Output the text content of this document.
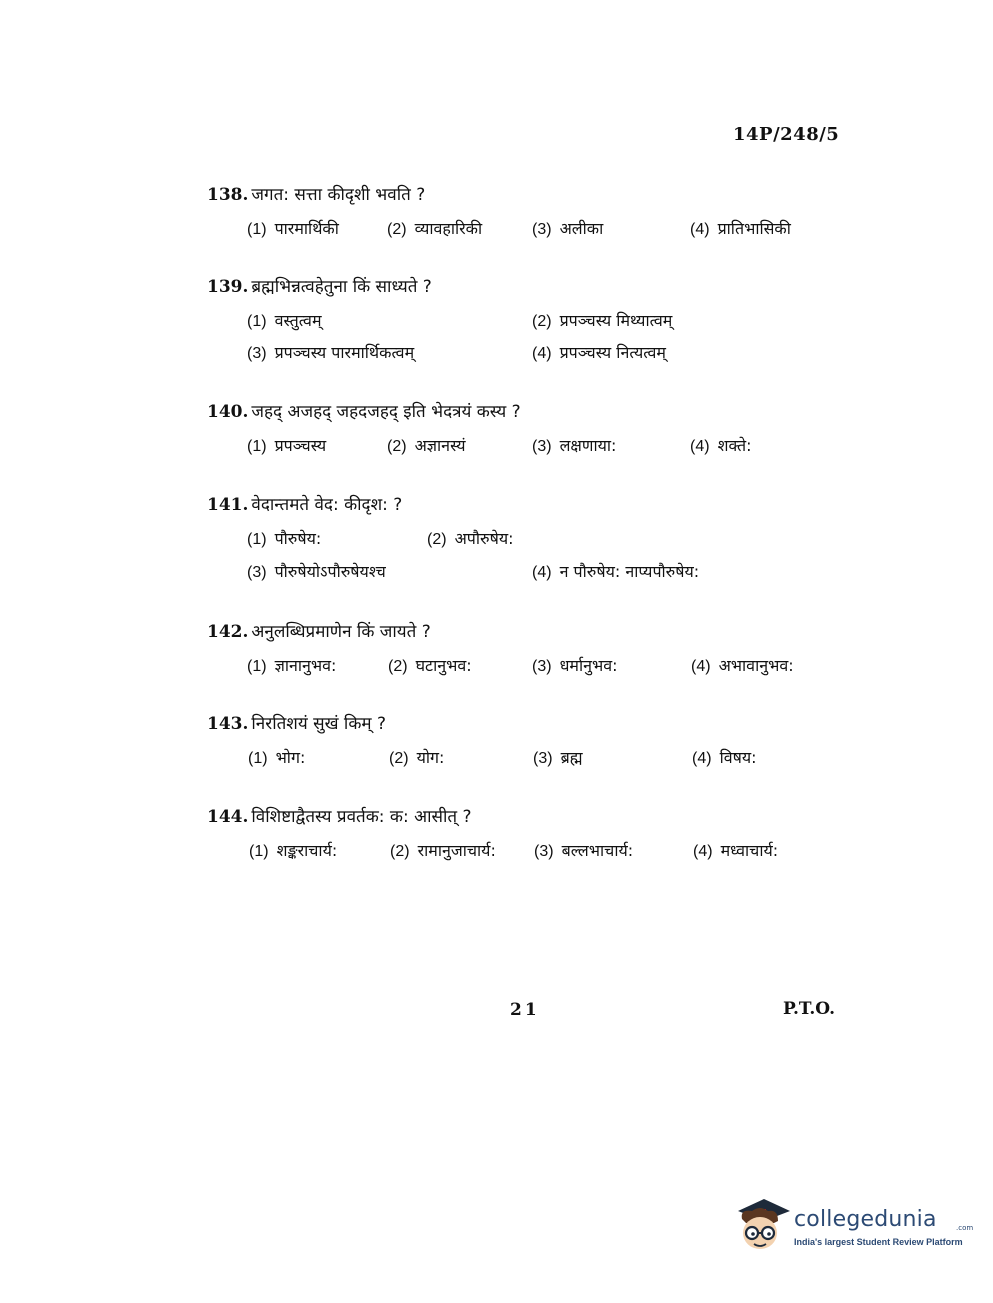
14P/248/5
138. जगत: सत्ता कीदृशी भवति ?
(1) पारमार्थिकी	(2) व्यावहारिकी	(3) अलीका	(4) प्रातिभासिकी
139. ब्रह्मभिन्नत्वहेतुना किं साध्यते ?
(1) वस्तुत्वम्	(2) प्रपञ्चस्य मिथ्यात्वम्
(3) प्रपञ्चस्य पारमार्थिकत्वम्	(4) प्रपञ्चस्य नित्यत्वम्
140. जहद् अजहद् जहदजहद् इति भेदत्रयं कस्य ?
(1) प्रपञ्चस्य	(2) अज्ञानस्यं	(3) लक्षणाया:	(4) शक्ते:
141. वेदान्तमते वेद: कीदृश: ?
(1) पौरुषेय:	(2) अपौरुषेय:
(3) पौरुषेयोऽपौरुषेयश्च	(4) न पौरुषेय: नाप्यपौरुषेय:
142. अनुलब्धिप्रमाणेन किं जायते ?
(1) ज्ञानानुभव:	(2) घटानुभव:	(3) धर्मानुभव:	(4) अभावानुभव:
143. निरतिशयं सुखं किम् ?
(1) भोग:	(2) योग:	(3) ब्रह्म	(4) विषय:
144. विशिष्टाद्वैतस्य प्रवर्तक: क: आसीत् ?
(1) शङ्कराचार्य:	(2) रामानुजाचार्य: (3) बल्लभाचार्य:	(4) मध्वाचार्य:
21	P.T.O.
collegedunia	.com
India's largest Student Review Platform
